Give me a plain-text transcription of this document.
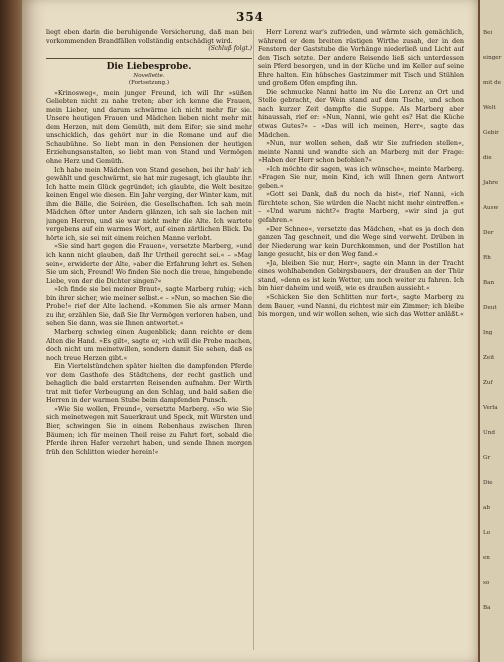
354

liegt eben darin die beruhigende Versicherung, daß man bei vorkommenden Brandfällen vollständig entschädigt wird.

(Schluß folgt.)

Die Liebesprobe.
Novellette.
(Fortsetzung.)

»Krinosweg«, mein junger Freund, ich will Ihr »süßen Geliebten nicht zu nahe treten; aber ich kenne die Frauen, mein Lieber, und darum schwärme ich nicht mehr für sie. Unsere heutigen Frauen und Mädchen lieben nicht mehr mit dem Herzen, mit dem Gemüth, mit dem Eifer; sie sind mehr unschicklich, das gehört nur in die Romane und auf die Schaubühne. So liebt man in den Pensionen der heutigen Erziehungsanstalten, so liebt man von Stand und Vermögen ohne Herz und Gemüth.

Ich habe mein Mädchen von Stand gesehen, bei ihr hab' ich gewählt und geschwärmt, sie hat mir zugesagt, ich glaubte ihr. Ich hatte mein Glück gegründet; ich glaubte, die Welt besitze keinen Engel wie diesen. Ein Jahr verging, der Winter kam, mit ihm die Bälle, die Soiréen, die Gesellschaften. Ich sah mein Mädchen öfter unter Andern glänzen, ich sah sie lachen mit jungen Herren, und sie war nicht mehr die Alte. Ich wartete vergebens auf ein warmes Wort, auf einen zärtlichen Blick. Da hörte ich, sie sei mit einem reichen Manne verlobt.

»Sie sind hart gegen die Frauen«, versetzte Marberg, »und ich kann nicht glauben, daß Ihr Urtheil gerecht sei.« – »Mag sein«, erwiderte der Alte, »aber die Erfahrung lehrt es. Sehen Sie um sich, Freund! Wo finden Sie noch die treue, hingebende Liebe, von der die Dichter singen?«

»Ich finde sie bei meiner Braut«, sagte Marberg ruhig; »ich bin ihrer sicher, wie meiner selbst.« – »Nun, so machen Sie die Probe!« rief der Alte lachend. »Kommen Sie als armer Mann zu ihr, erzählen Sie, daß Sie Ihr Vermögen verloren haben, und sehen Sie dann, was sie Ihnen antwortet.«

Marberg schwieg einen Augenblick; dann reichte er dem Alten die Hand. »Es gilt«, sagte er, »ich will die Probe machen, doch nicht um meinetwillen, sondern damit Sie sehen, daß es noch treue Herzen gibt.«

Ein Viertelstündchen später hielten die dampfenden Pferde vor dem Gasthofe des Städtchens, der recht gastlich und behaglich die bald erstarrten Reisenden aufnahm. Der Wirth trat mit tiefer Verbeugung an den Schlag, und bald saßen die Herren in der warmen Stube beim dampfenden Punsch.

»Wie Sie wollen, Freund«, versetzte Marberg. »So wie Sie sich meinetwegen mit Sauerkraut und Speck, mit Würsten und Bier, schwingen Sie in einem Rebenhaus zwischen Ihren Bäumen; ich für meinen Theil reise zu Fahrt fort, sobald die Pferde ihren Hafer verzehrt haben, und sende Ihnen morgen früh den Schlitten wieder herein!«

Herr Lorenz war's zufrieden, und wärmte sich gemächlich, während er dem breiten rüstigen Wirthe zusah, der in den Fenstern der Gaststube die Vorhänge niederließ und Licht auf den Tisch setzte. Der andere Reisende ließ sich unterdessen sein Pferd besorgen, und in der Küche und im Keller auf seine Ehre halten. Ein hübsches Gastzimmer mit Tisch und Stühlen und großem Ofen empfing ihn.

Die schmucke Nanni hatte im Nu die Lorenz an Ort und Stelle gebracht, der Wein stand auf dem Tische, und schon nach kurzer Zeit dampfte die Suppe. Als Marberg aber hinaussah, rief er: »Nun, Nanni, wie geht es? Hat die Küche etwas Gutes?« – »Das will ich meinen, Herr«, sagte das Mädchen.

»Nun, nur wollen sehen, daß wir Sie zufrieden stellen«, meinte Nanni und wandte sich an Marberg mit der Frage: »Haben der Herr schon befohlen?«

»Ich möchte dir sagen, was ich wünsche«, meinte Marberg. »Fragen Sie nur, mein Kind, ich will Ihnen gern Antwort geben.«

»Gott sei Dank, daß du noch da bist«, rief Nanni, »ich fürchtete schon, Sie würden die Nacht nicht mehr eintreffen.« – »Und warum nicht?« fragte Marberg, »wir sind ja gut gefahren.«

»Der Schnee«, versetzte das Mädchen, »hat es ja doch den ganzen Tag geschneit, und die Wege sind verweht. Drüben in der Niederung war kein Durchkommen, und der Postillon hat lange gesucht, bis er den Weg fand.«

»Ja, bleiben Sie nur, Herr«, sagte ein Mann in der Tracht eines wohlhabenden Gebirgsbauers, der draußen an der Thür stand, »denn es ist kein Wetter, um noch weiter zu fahren. Ich bin hier daheim und weiß, wie es draußen aussieht.«

»Schicken Sie den Schlitten nur fort«, sagte Marberg zu dem Bauer, »und Nanni, du richtest mir ein Zimmer; ich bleibe bis morgen, und wir wollen sehen, wie sich das Wetter anläßt.«

Bei
einger
mit de
Welt
Gebir
die
Jahre
Ausw
Der
Rh
Ban
Deut
Ing
Zeit
Zuf
Verla
Und
Gr
Die
ab
Lo
en
so
Ba
